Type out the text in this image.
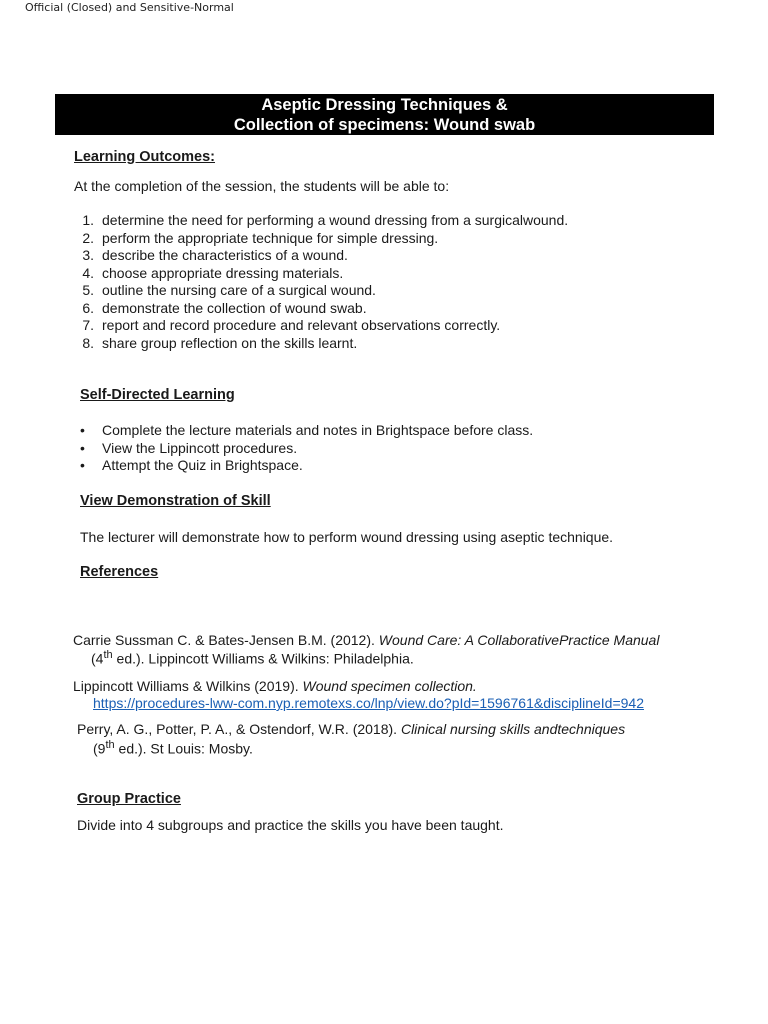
Official (Closed) and Sensitive-Normal
Aseptic Dressing Techniques &
Collection of specimens: Wound swab
Learning Outcomes:
At the completion of the session, the students will be able to:
1. determine the need for performing a wound dressing from a surgicalwound.
2. perform the appropriate technique for simple dressing.
3. describe the characteristics of a wound.
4. choose appropriate dressing materials.
5. outline the nursing care of a surgical wound.
6. demonstrate the collection of wound swab.
7. report and record procedure and relevant observations correctly.
8. share group reflection on the skills learnt.
Self-Directed Learning
• Complete the lecture materials and notes in Brightspace before class.
• View the Lippincott procedures.
• Attempt the Quiz in Brightspace.
View Demonstration of Skill
The lecturer will demonstrate how to perform wound dressing using aseptic technique.
References
Carrie Sussman C. & Bates-Jensen B.M. (2012). Wound Care: A CollaborativePractice Manual
(4th ed.). Lippincott Williams & Wilkins: Philadelphia.
Lippincott Williams & Wilkins (2019). Wound specimen collection.
https://procedures-lww-com.nyp.remotexs.co/lnp/view.do?pId=1596761&disciplineId=942
Perry, A. G., Potter, P. A., & Ostendorf, W.R. (2018). Clinical nursing skills andtechniques
(9th ed.). St Louis: Mosby.
Group Practice
Divide into 4 subgroups and practice the skills you have been taught.
